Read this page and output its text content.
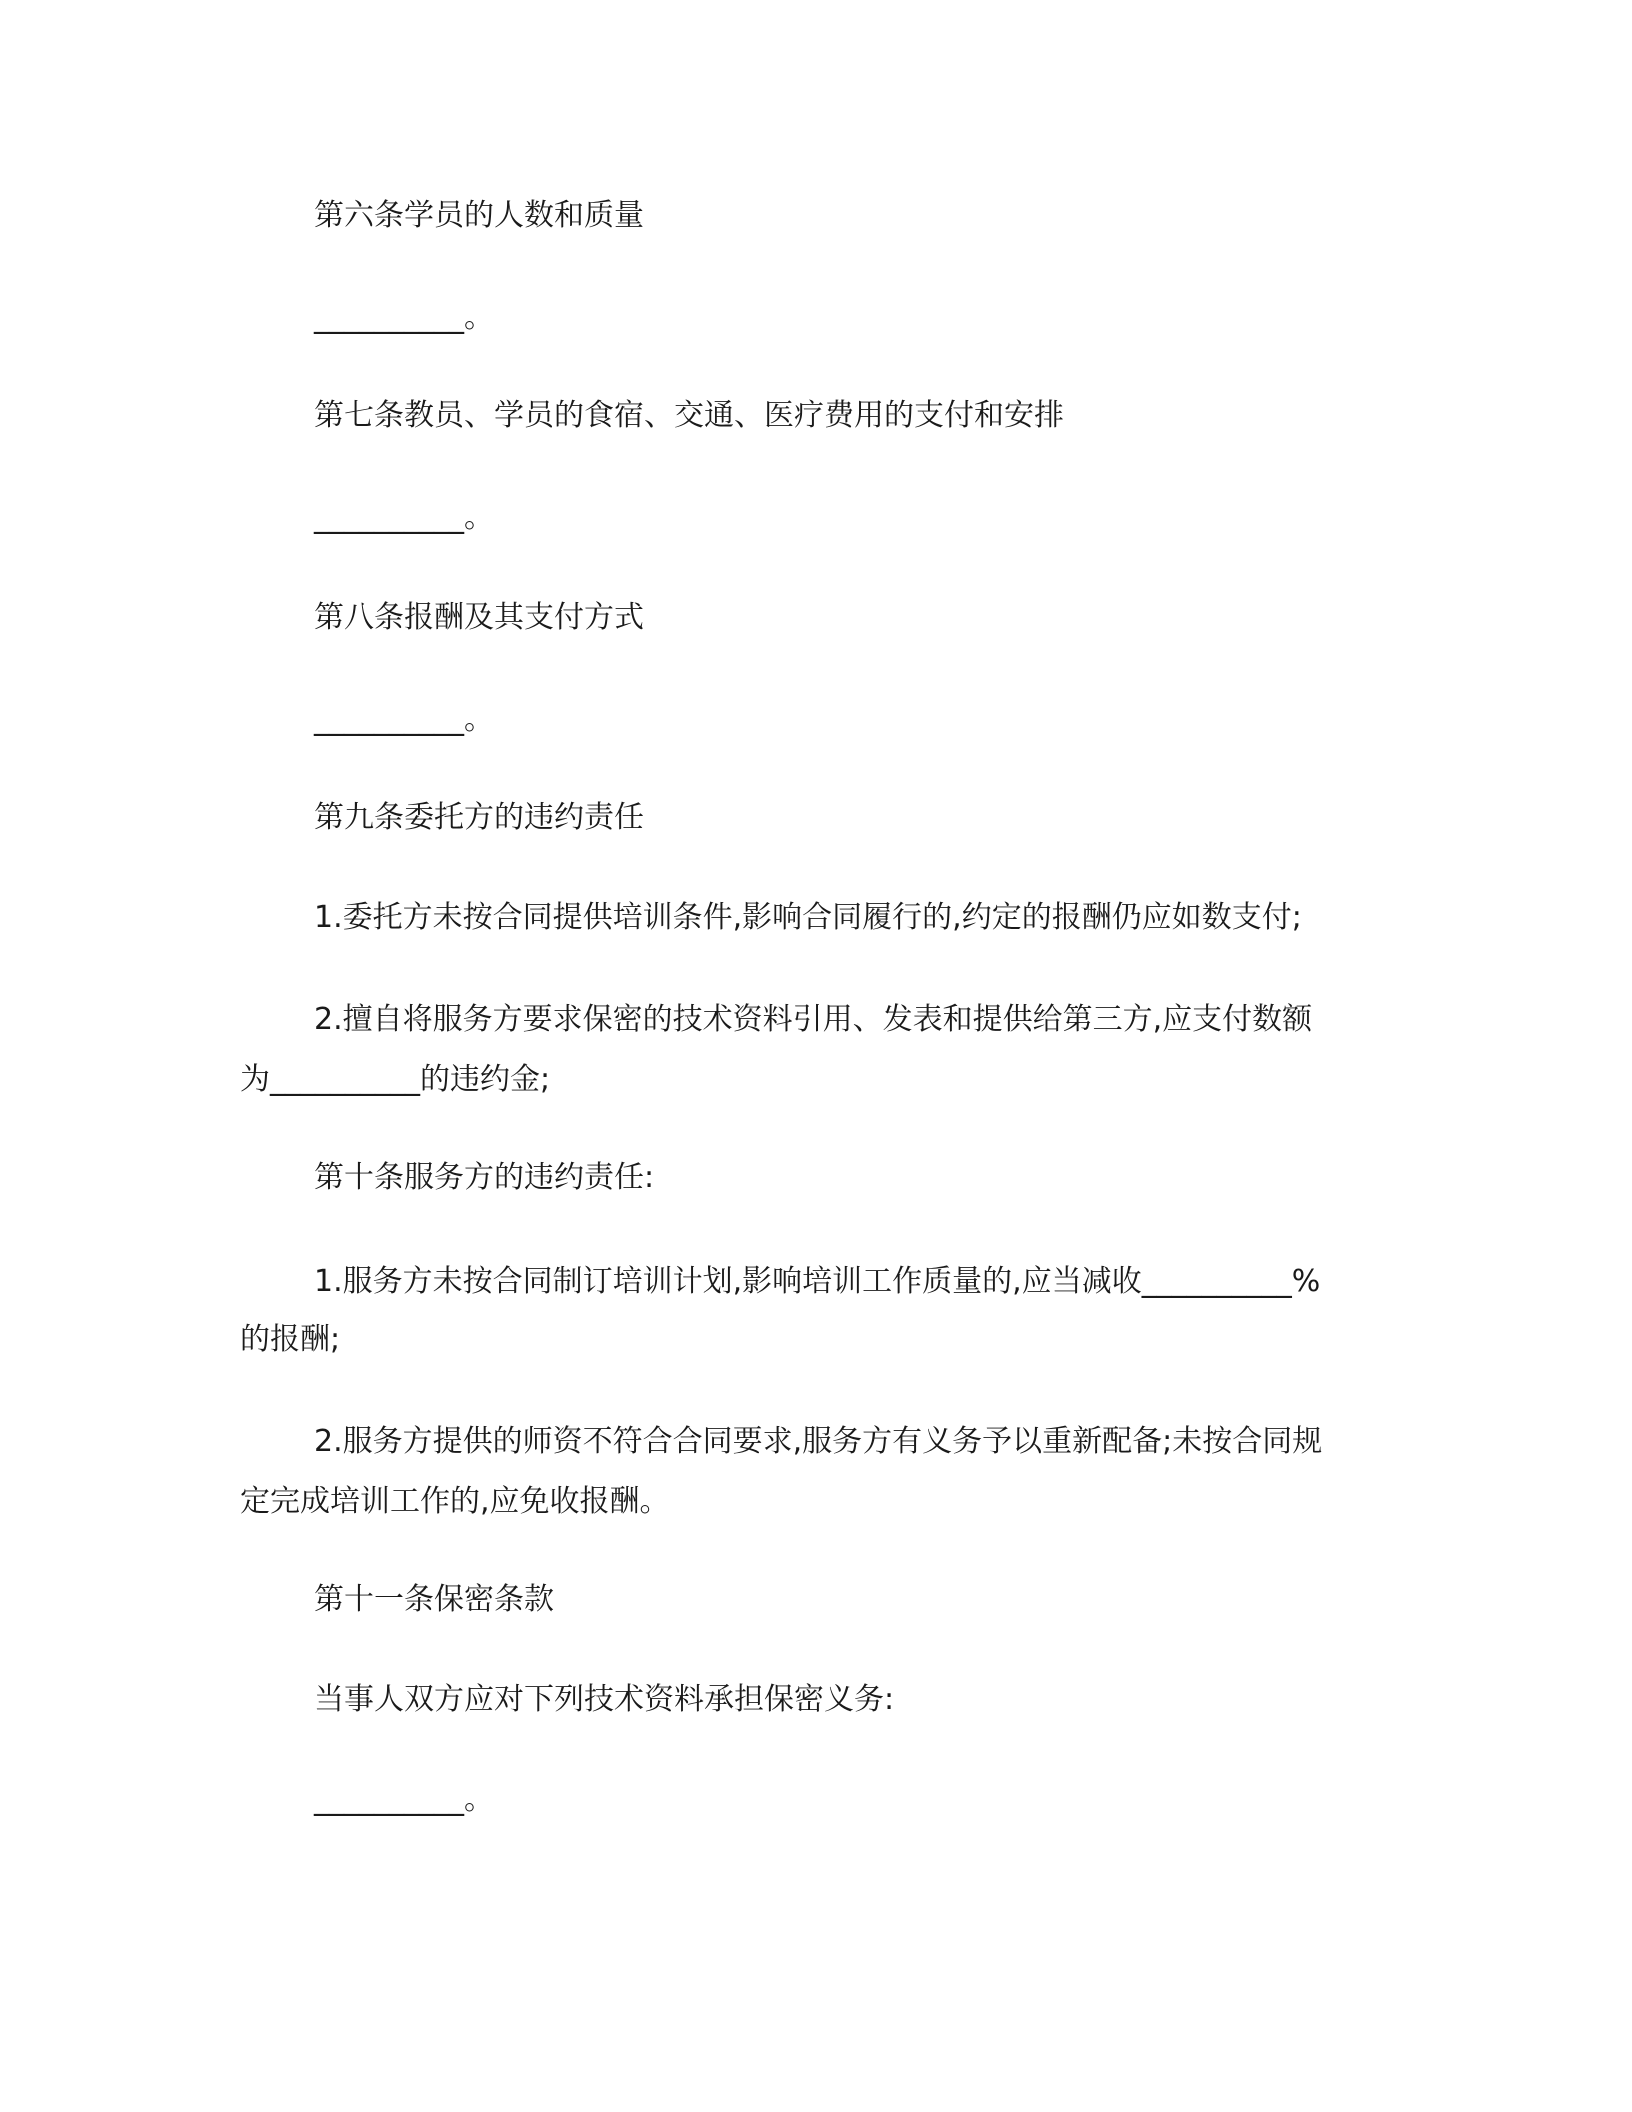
第六条学员的人数和质量

__________。

第七条教员、学员的食宿、交通、医疗费用的支付和安排

__________。

第八条报酬及其支付方式

__________。

第九条委托方的违约责任

1.委托方未按合同提供培训条件,影响合同履行的,约定的报酬仍应如数支付;

2.擅自将服务方要求保密的技术资料引用、发表和提供给第三方,应支付数额

为__________的违约金;

第十条服务方的违约责任:

1.服务方未按合同制订培训计划,影响培训工作质量的,应当减收__________%

的报酬;

2.服务方提供的师资不符合合同要求,服务方有义务予以重新配备;未按合同规

定完成培训工作的,应免收报酬。

第十一条保密条款

当事人双方应对下列技术资料承担保密义务:

__________。
